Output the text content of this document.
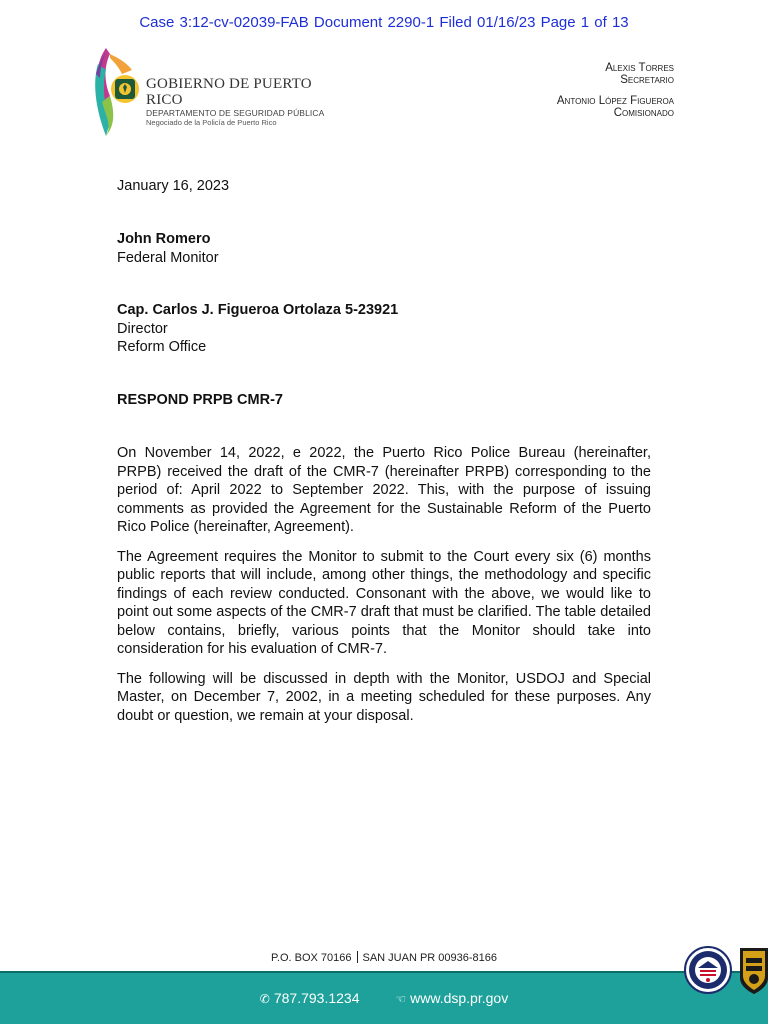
Case 3:12-cv-02039-FAB Document 2290-1 Filed 01/16/23 Page 1 of 13
GOBIERNO DE PUERTO RICO
DEPARTAMENTO DE SEGURIDAD PÚBLICA
Negociado de la Policía de Puerto Rico
Alexis Torres
Secretario
Antonio López Figueroa
Comisionado
January 16, 2023
John Romero
Federal Monitor
Cap. Carlos J. Figueroa Ortolaza 5-23921
Director
Reform Office
RESPOND PRPB CMR-7

On November 14, 2022, e 2022, the Puerto Rico Police Bureau (hereinafter, PRPB) received the draft of the CMR-7 (hereinafter PRPB) corresponding to the period of: April 2022 to September 2022. This, with the purpose of issuing comments as provided the Agreement for the Sustainable Reform of the Puerto Rico Police (hereinafter, Agreement).

The Agreement requires the Monitor to submit to the Court every six (6) months public reports that will include, among other things, the methodology and specific findings of each review conducted. Consonant with the above, we would like to point out some aspects of the CMR-7 draft that must be clarified. The table detailed below contains, briefly, various points that the Monitor should take into consideration for his evaluation of CMR-7.

The following will be discussed in depth with the Monitor, USDOJ and Special Master, on December 7, 2002, in a meeting scheduled for these purposes. Any doubt or question, we remain at your disposal.

P.O. BOX 70166 SAN JUAN PR 00936-8166
✆ 787.793.1234	☜ www.dsp.pr.gov
